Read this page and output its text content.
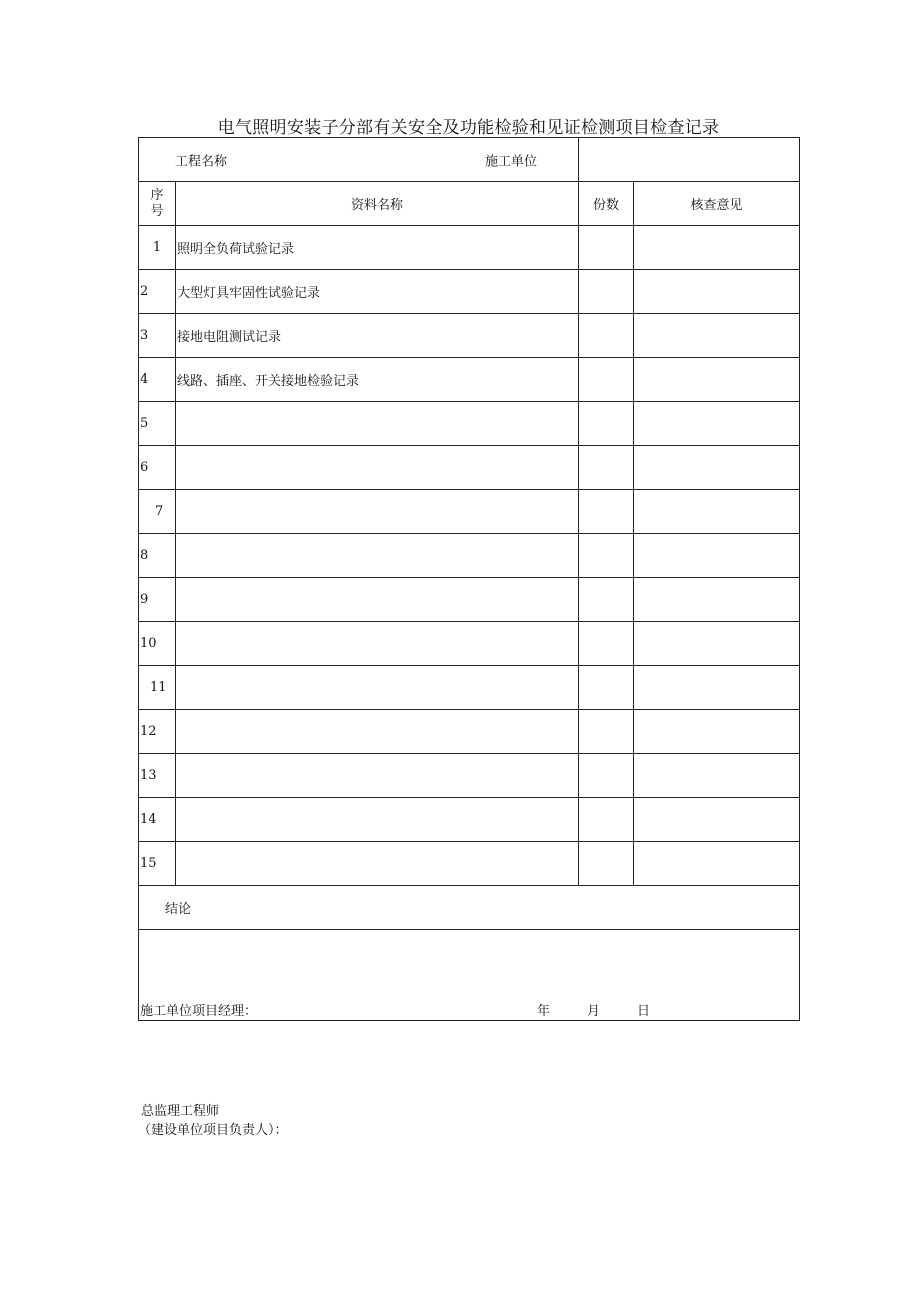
电气照明安装子分部有关安全及功能检验和见证检测项目检查记录
工程名称 施工单位			

序
号	资料名称	份数	核查意见
1	照明全负荷试验记录		
2	大型灯具牢固性试验记录		
3	接地电阻测试记录		
4	线路、插座、开关接地检验记录		
5			
6			
7			
8			
9			
10			
11			
12			
13			
14			
15			
结论			

施工单位项目经理： 年 月 日			
总监理工程师
（建设单位项目负责人）：
